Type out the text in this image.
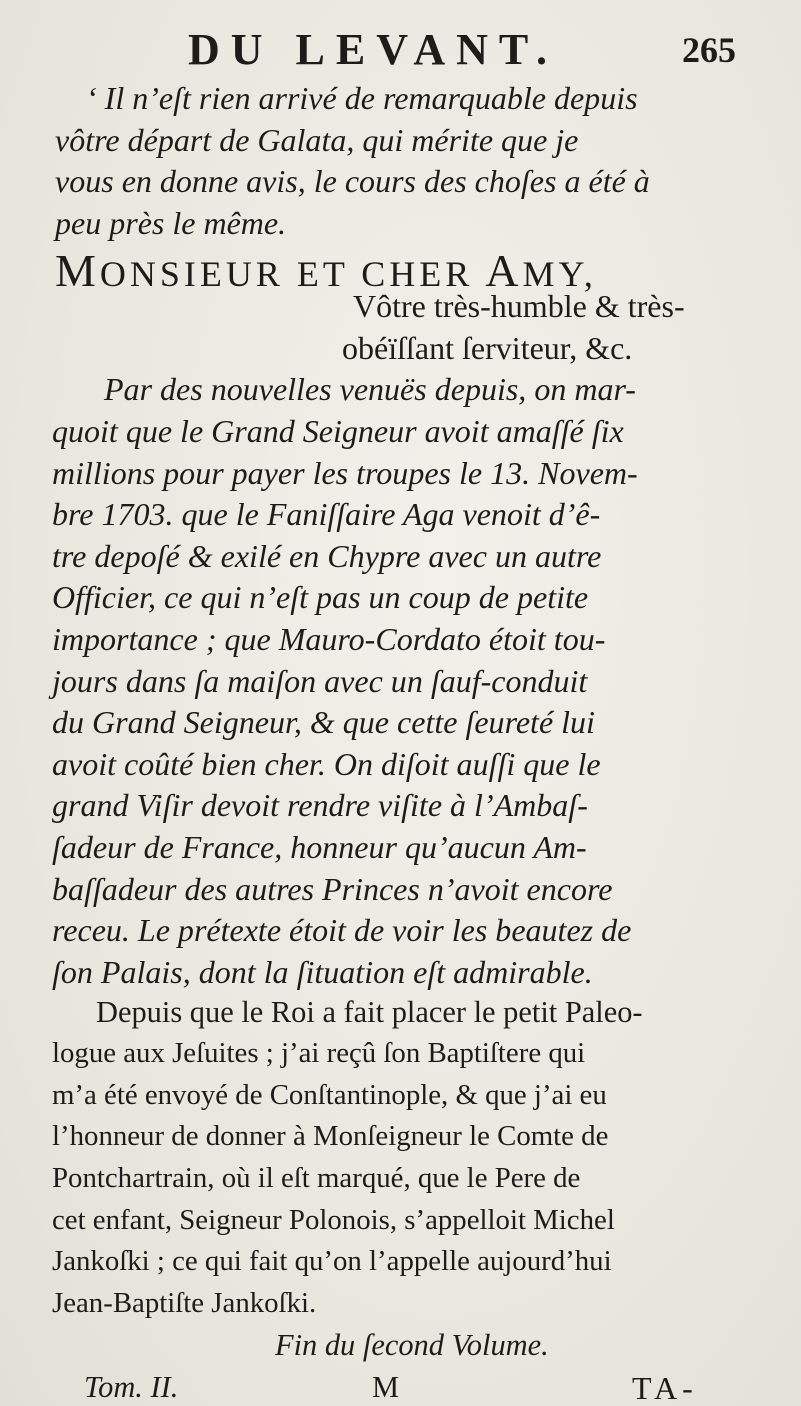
DU LEVANT.	265
‘ Il n’eſt rien arrivé de remarquable depuis
vôtre départ de Galata, qui mérite que je
vous en donne avis, le cours des choſes a été à
peu près le même.
MONSIEUR ET CHER AMY,
Vôtre très-humble & très-
obéïſſant ſerviteur, &c.
Par des nouvelles venuës depuis, on mar-
quoit que le Grand Seigneur avoit amaſſé ſix
millions pour payer les troupes le 13. Novem-
bre 1703. que le Faniſſaire Aga venoit d’ê-
tre depoſé & exilé en Chypre avec un autre
Officier, ce qui n’eſt pas un coup de petite
importance ; que Mauro-Cordato étoit tou-
jours dans ſa maiſon avec un ſauf-conduit
du Grand Seigneur, & que cette ſeureté lui
avoit coûté bien cher. On diſoit auſſi que le
grand Viſir devoit rendre viſite à l’Ambaſ-
ſadeur de France, honneur qu’aucun Am-
baſſadeur des autres Princes n’avoit encore
receu. Le prétexte étoit de voir les beautez de
ſon Palais, dont la ſituation eſt admirable.
Depuis que le Roi a fait placer le petit Paleo-
logue aux Jeſuites ; j’ai reçû ſon Baptiſtere qui
m’a été envoyé de Conſtantinople, & que j’ai eu
l’honneur de donner à Monſeigneur le Comte de
Pontchartrain, où il eſt marqué, que le Pere de
cet enfant, Seigneur Polonois, s’appelloit Michel
Jankoſki ; ce qui fait qu’on l’appelle aujourd’hui
Jean-Baptiſte Jankoſki.
Fin du ſecond Volume.
Tom. II.	M	TA-
